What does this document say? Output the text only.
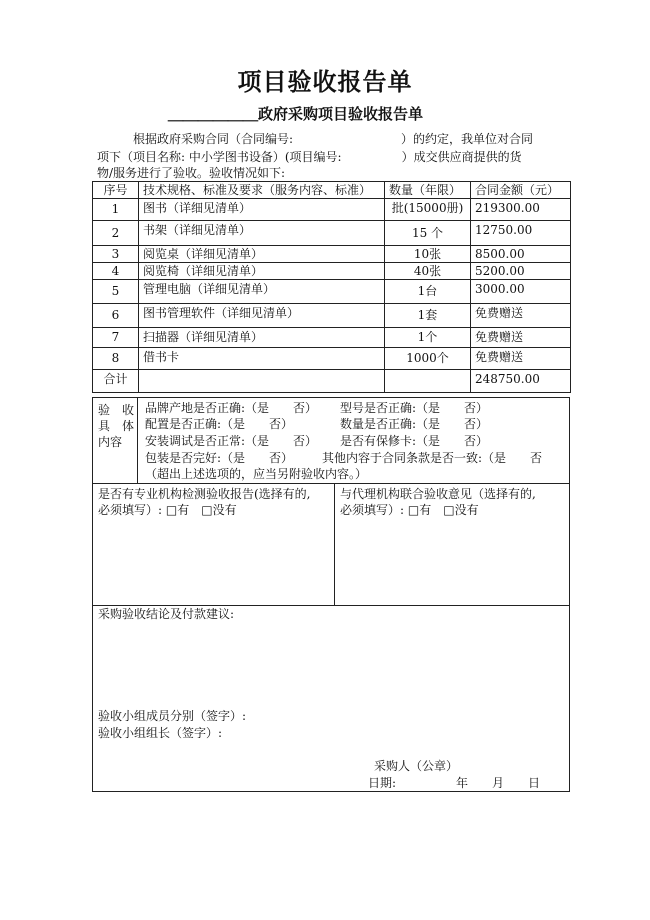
项目验收报告单
＿＿＿＿＿＿政府采购项目验收报告单
根据政府采购合同（合同编号:　　　　　　　　　）的约定，我单位对合同
项下（项目名称: 中小学图书设备）(项目编号:　　　　　）成交供应商提供的货
物/服务进行了验收。验收情况如下:
序号	技术规格、标准及要求（服务内容、标准）	数量（年限）	合同金额（元）
1	图书（详细见清单）	批(15000册)	219300.00
2	书架（详细见清单）	15 个	12750.00
3	阅览桌（详细见清单）	10张	8500.00
4	阅览椅（详细见清单）	40张	5200.00
5	管理电脑（详细见清单）	1台	3000.00
6	图书管理软件（详细见清单）	1套	免费赠送
7	扫描器（详细见清单）	1个	免费赠送
8	借书卡	1000个	免费赠送
合计			248750.00
验　收
具　体
内容
品牌产地是否正确:（是　　否） 型号是否正确:（是　　否）
配置是否正确:（是　　否）	数量是否正确:（是　　否）
安装调试是否正常:（是　　否） 是否有保修卡:（是　　否）
包装是否完好:（是　　否） 其他内容于合同条款是否一致:（是　　否
（超出上述选项的，应当另附验收内容。）
是否有专业机构检测验收报告(选择有的,
必须填写）: □有　 □没有
与代理机构联合验收意见（选择有的,
必须填写）: □有　 □没有
采购验收结论及付款建议:
验收小组成员分别（签字）:
验收小组组长（签字）:
采购人（公章）
日期:　　　　　年　　月　　日
